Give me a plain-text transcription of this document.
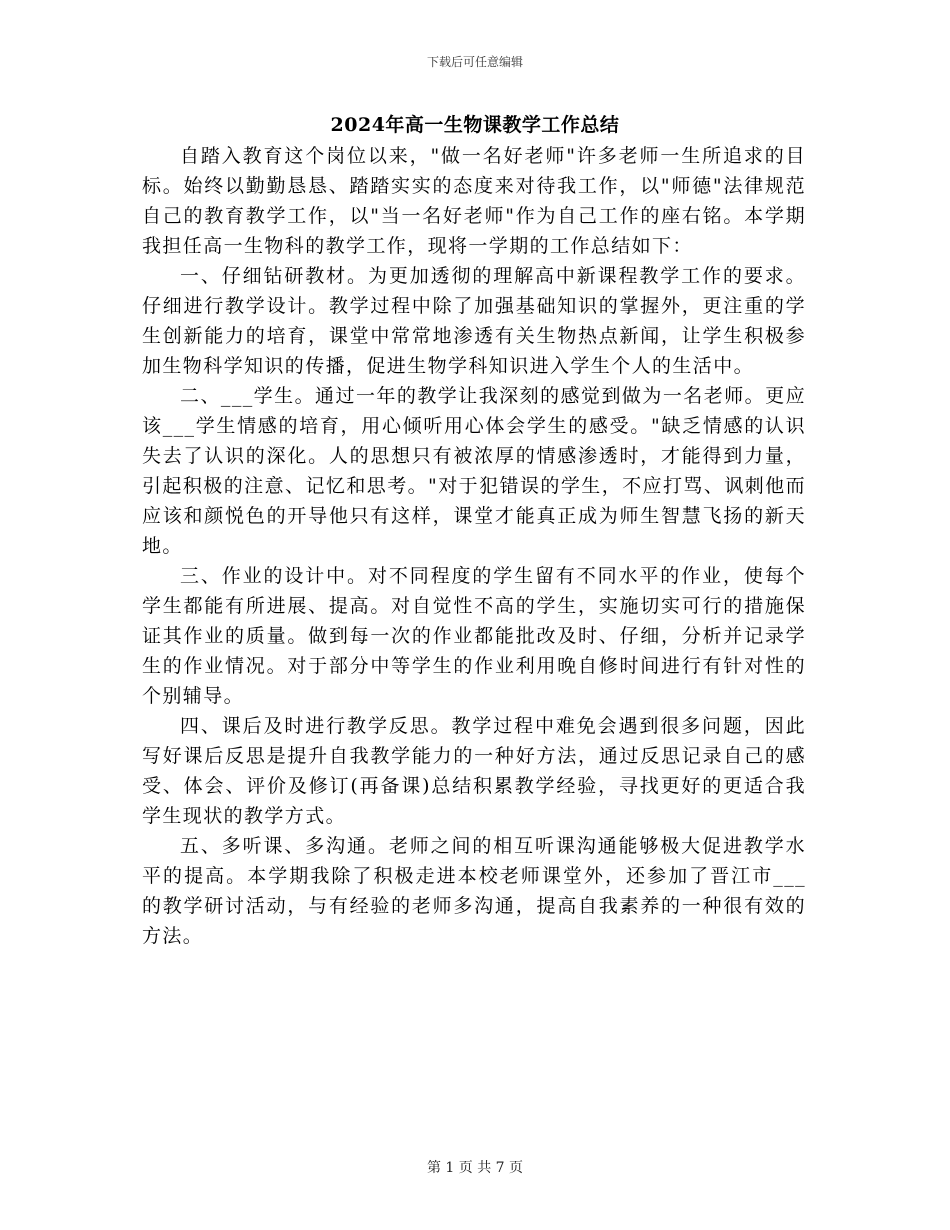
下载后可任意编辑
2024年高一生物课教学工作总结

自踏入教育这个岗位以来，"做一名好老师"许多老师一生所追求的目标。始终以勤勤恳恳、踏踏实实的态度来对待我工作，以"师德"法律规范自己的教育教学工作，以"当一名好老师"作为自己工作的座右铭。本学期我担任高一生物科的教学工作，现将一学期的工作总结如下：

一、仔细钻研教材。为更加透彻的理解高中新课程教学工作的要求。仔细进行教学设计。教学过程中除了加强基础知识的掌握外，更注重的学生创新能力的培育，课堂中常常地渗透有关生物热点新闻，让学生积极参加生物科学知识的传播，促进生物学科知识进入学生个人的生活中。

二、___学生。通过一年的教学让我深刻的感觉到做为一名老师。更应该___学生情感的培育，用心倾听用心体会学生的感受。"缺乏情感的认识失去了认识的深化。人的思想只有被浓厚的情感渗透时，才能得到力量，引起积极的注意、记忆和思考。"对于犯错误的学生，不应打骂、讽刺他而应该和颜悦色的开导他只有这样，课堂才能真正成为师生智慧飞扬的新天地。

三、作业的设计中。对不同程度的学生留有不同水平的作业，使每个学生都能有所进展、提高。对自觉性不高的学生，实施切实可行的措施保证其作业的质量。做到每一次的作业都能批改及时、仔细，分析并记录学生的作业情况。对于部分中等学生的作业利用晚自修时间进行有针对性的个别辅导。

四、课后及时进行教学反思。教学过程中难免会遇到很多问题，因此写好课后反思是提升自我教学能力的一种好方法，通过反思记录自己的感受、体会、评价及修订(再备课)总结积累教学经验，寻找更好的更适合我学生现状的教学方式。

五、多听课、多沟通。老师之间的相互听课沟通能够极大促进教学水平的提高。本学期我除了积极走进本校老师课堂外，还参加了晋江市___的教学研讨活动，与有经验的老师多沟通，提高自我素养的一种很有效的方法。

第 1 页 共 7 页
